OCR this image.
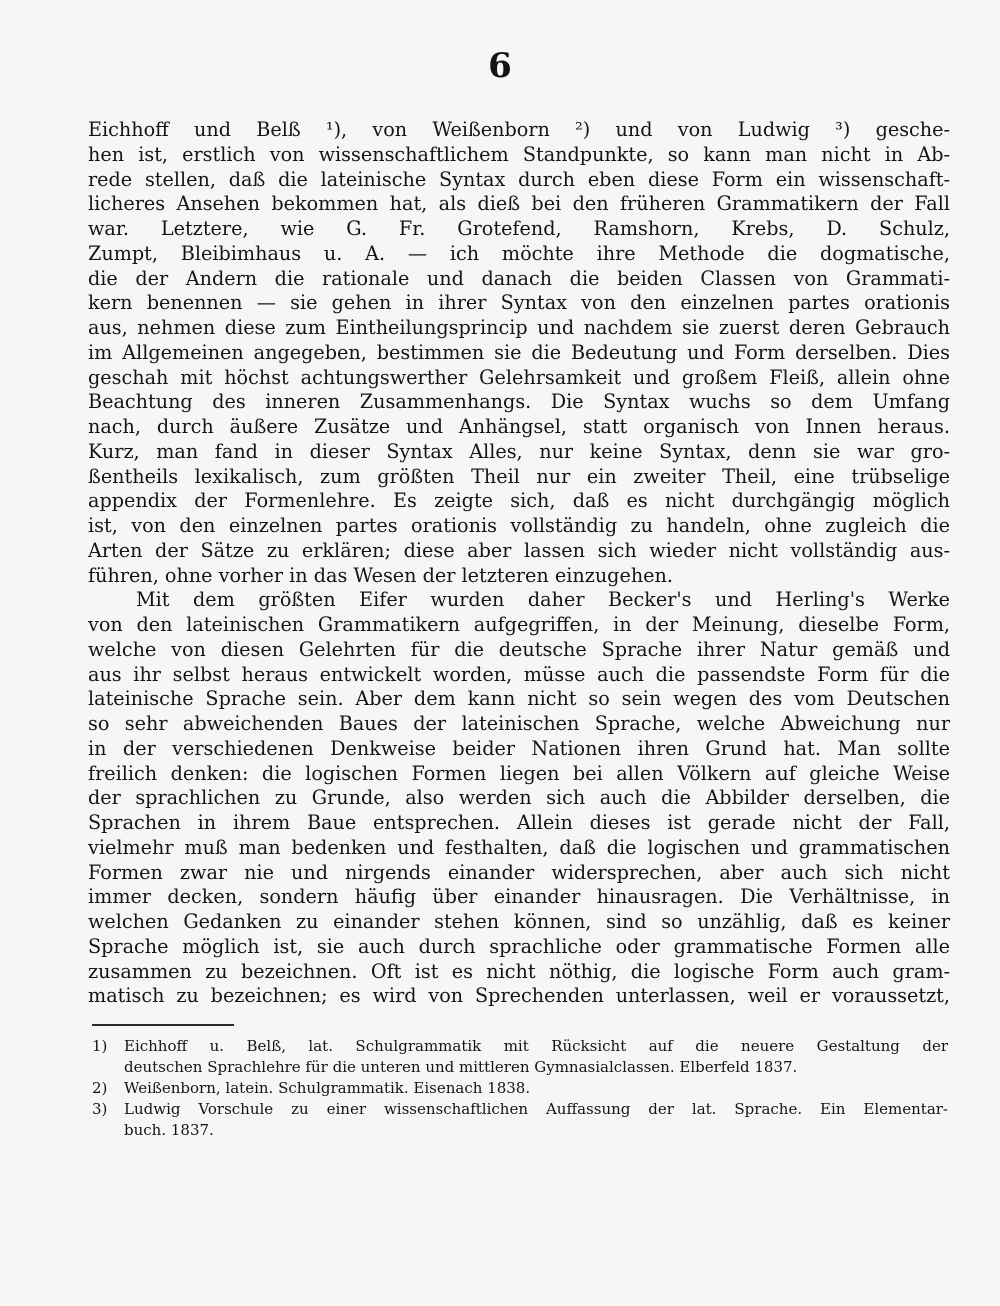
6
Eichhoff und Belß ¹), von Weißenborn ²) und von Ludwig ³) gesche-
hen ist, erstlich von wissenschaftlichem Standpunkte, so kann man nicht in Ab-
rede stellen, daß die lateinische Syntax durch eben diese Form ein wissenschaft-
licheres Ansehen bekommen hat, als dieß bei den früheren Grammatikern der Fall
war. Letztere, wie G. Fr. Grotefend, Ramshorn, Krebs, D. Schulz,
Zumpt, Bleibimhaus u. A. — ich möchte ihre Methode die dogmatische,
die der Andern die rationale und danach die beiden Classen von Grammati-
kern benennen — sie gehen in ihrer Syntax von den einzelnen partes orationis
aus, nehmen diese zum Eintheilungsprincip und nachdem sie zuerst deren Gebrauch
im Allgemeinen angegeben, bestimmen sie die Bedeutung und Form derselben. Dies
geschah mit höchst achtungswerther Gelehrsamkeit und großem Fleiß, allein ohne
Beachtung des inneren Zusammenhangs. Die Syntax wuchs so dem Umfang
nach, durch äußere Zusätze und Anhängsel, statt organisch von Innen heraus.
Kurz, man fand in dieser Syntax Alles, nur keine Syntax, denn sie war gro-
ßentheils lexikalisch, zum größten Theil nur ein zweiter Theil, eine trübselige
appendix der Formenlehre. Es zeigte sich, daß es nicht durchgängig möglich
ist, von den einzelnen partes orationis vollständig zu handeln, ohne zugleich die
Arten der Sätze zu erklären; diese aber lassen sich wieder nicht vollständig aus-
führen, ohne vorher in das Wesen der letzteren einzugehen.
Mit dem größten Eifer wurden daher Becker's und Herling's Werke
von den lateinischen Grammatikern aufgegriffen, in der Meinung, dieselbe Form,
welche von diesen Gelehrten für die deutsche Sprache ihrer Natur gemäß und
aus ihr selbst heraus entwickelt worden, müsse auch die passendste Form für die
lateinische Sprache sein. Aber dem kann nicht so sein wegen des vom Deutschen
so sehr abweichenden Baues der lateinischen Sprache, welche Abweichung nur
in der verschiedenen Denkweise beider Nationen ihren Grund hat. Man sollte
freilich denken: die logischen Formen liegen bei allen Völkern auf gleiche Weise
der sprachlichen zu Grunde, also werden sich auch die Abbilder derselben, die
Sprachen in ihrem Baue entsprechen. Allein dieses ist gerade nicht der Fall,
vielmehr muß man bedenken und festhalten, daß die logischen und grammatischen
Formen zwar nie und nirgends einander widersprechen, aber auch sich nicht
immer decken, sondern häufig über einander hinausragen. Die Verhältnisse, in
welchen Gedanken zu einander stehen können, sind so unzählig, daß es keiner
Sprache möglich ist, sie auch durch sprachliche oder grammatische Formen alle
zusammen zu bezeichnen. Oft ist es nicht nöthig, die logische Form auch gram-
matisch zu bezeichnen; es wird von Sprechenden unterlassen, weil er voraussetzt,
1) Eichhoff u. Belß, lat. Schulgrammatik mit Rücksicht auf die neuere Gestaltung der
deutschen Sprachlehre für die unteren und mittleren Gymnasialclassen. Elberfeld 1837.
2) Weißenborn, latein. Schulgrammatik. Eisenach 1838.
3) Ludwig Vorschule zu einer wissenschaftlichen Auffassung der lat. Sprache. Ein Elementar-
buch. 1837.
